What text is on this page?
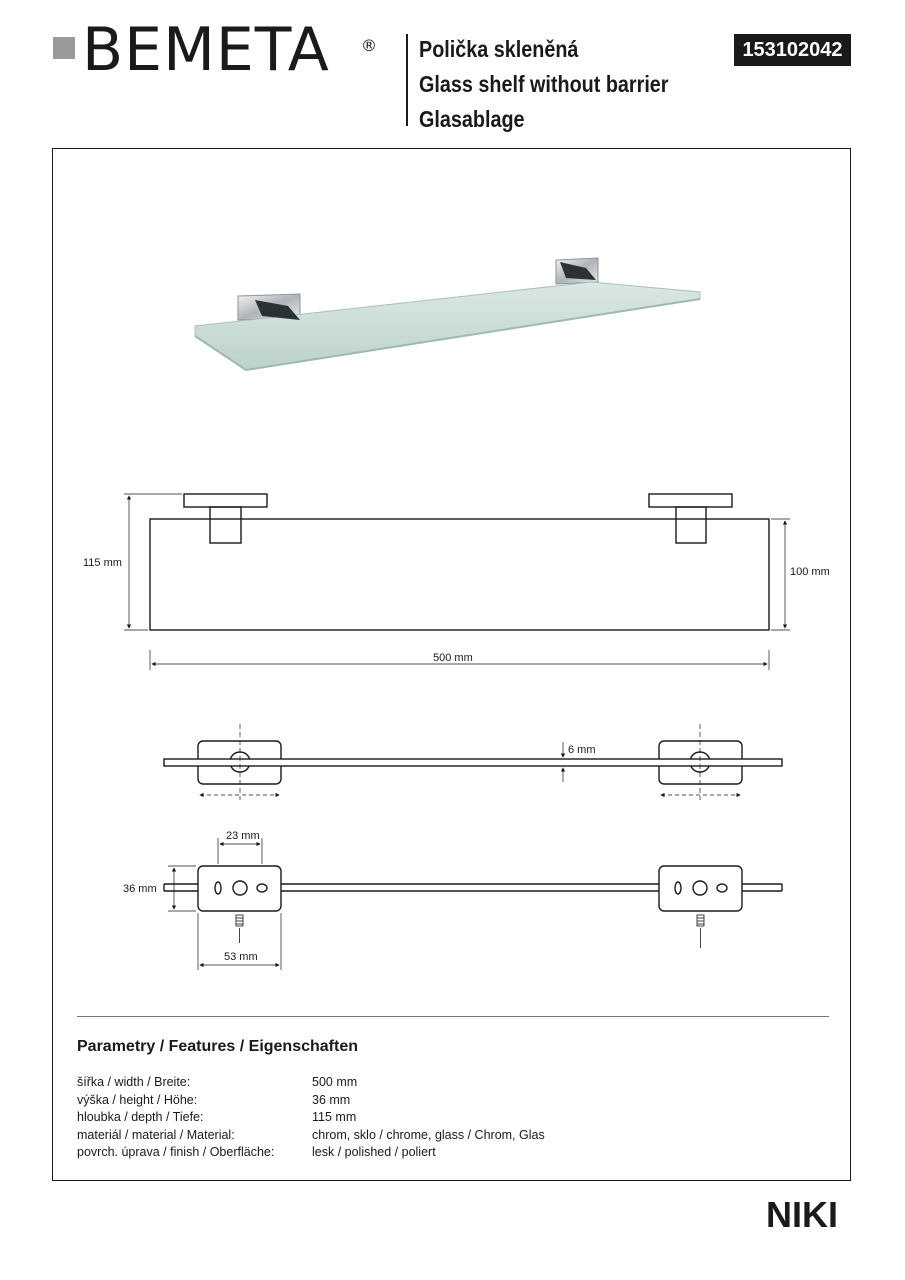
BEMETA ® Polička skleněná
Glass shelf without barrier
Glasablage
153102042
115 mm
100 mm
500 mm
6 mm
23 mm
36 mm
53 mm
Parametry / Features / Eigenschaften
šířka / width / Breite:	500 mm
výška / height / Höhe:	36 mm
hloubka / depth / Tiefe:	115 mm
materiál / material / Material:	chrom, sklo / chrome, glass / Chrom, Glas
povrch. úprava / finish / Oberfläche:	lesk / polished / poliert
NIKI
